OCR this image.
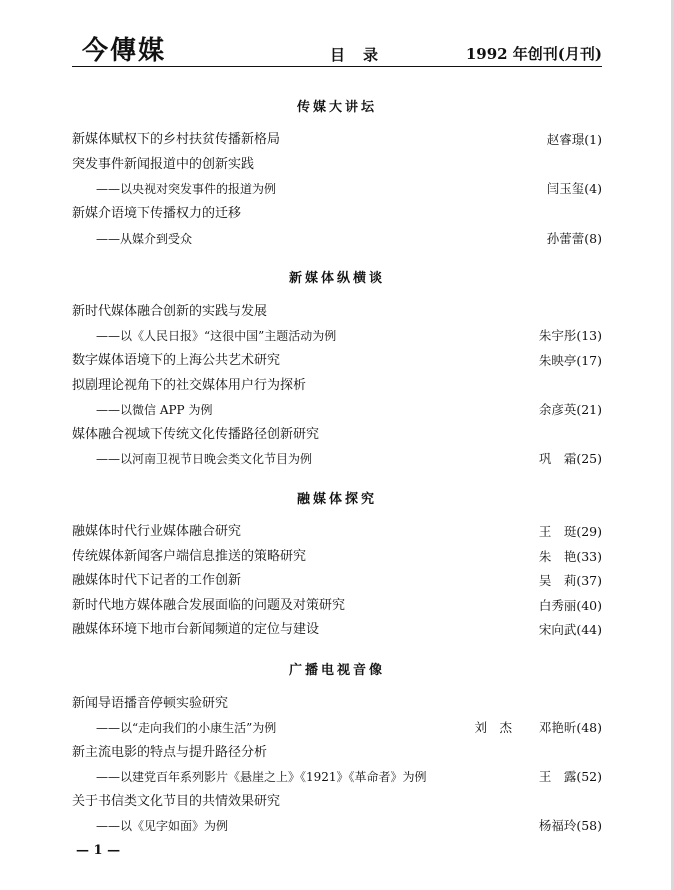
今傳媒	目录	1992 年创刊(月刊)
传媒大讲坛
新媒体赋权下的乡村扶贫传播新格局	赵睿璟(1)
突发事件新闻报道中的创新实践
——以央视对突发事件的报道为例	闫玉玺(4)
新媒介语境下传播权力的迁移
——从媒介到受众	孙蕾蕾(8)
新媒体纵横谈
新时代媒体融合创新的实践与发展
——以《人民日报》“这很中国”主题活动为例	朱宇彤(13)
数字媒体语境下的上海公共艺术研究	朱映亭(17)
拟剧理论视角下的社交媒体用户行为探析
——以微信 APP 为例	余彦英(21)
媒体融合视域下传统文化传播路径创新研究
——以河南卫视节日晚会类文化节目为例	巩　霜(25)
融媒体探究
融媒体时代行业媒体融合研究	王　珽(29)
传统媒体新闻客户端信息推送的策略研究	朱　艳(33)
融媒体时代下记者的工作创新	吴　莉(37)
新时代地方媒体融合发展面临的问题及对策研究	白秀丽(40)
融媒体环境下地市台新闻频道的定位与建设	宋向武(44)
广播电视音像
新闻导语播音停顿实验研究
——以“走向我们的小康生活”为例	刘　杰 邓艳昕(48)
新主流电影的特点与提升路径分析
——以建党百年系列影片《悬崖之上》《1921》《革命者》为例	王　露(52)
关于书信类文化节目的共情效果研究
——以《见字如面》为例	杨福玲(58)
— 1 —
